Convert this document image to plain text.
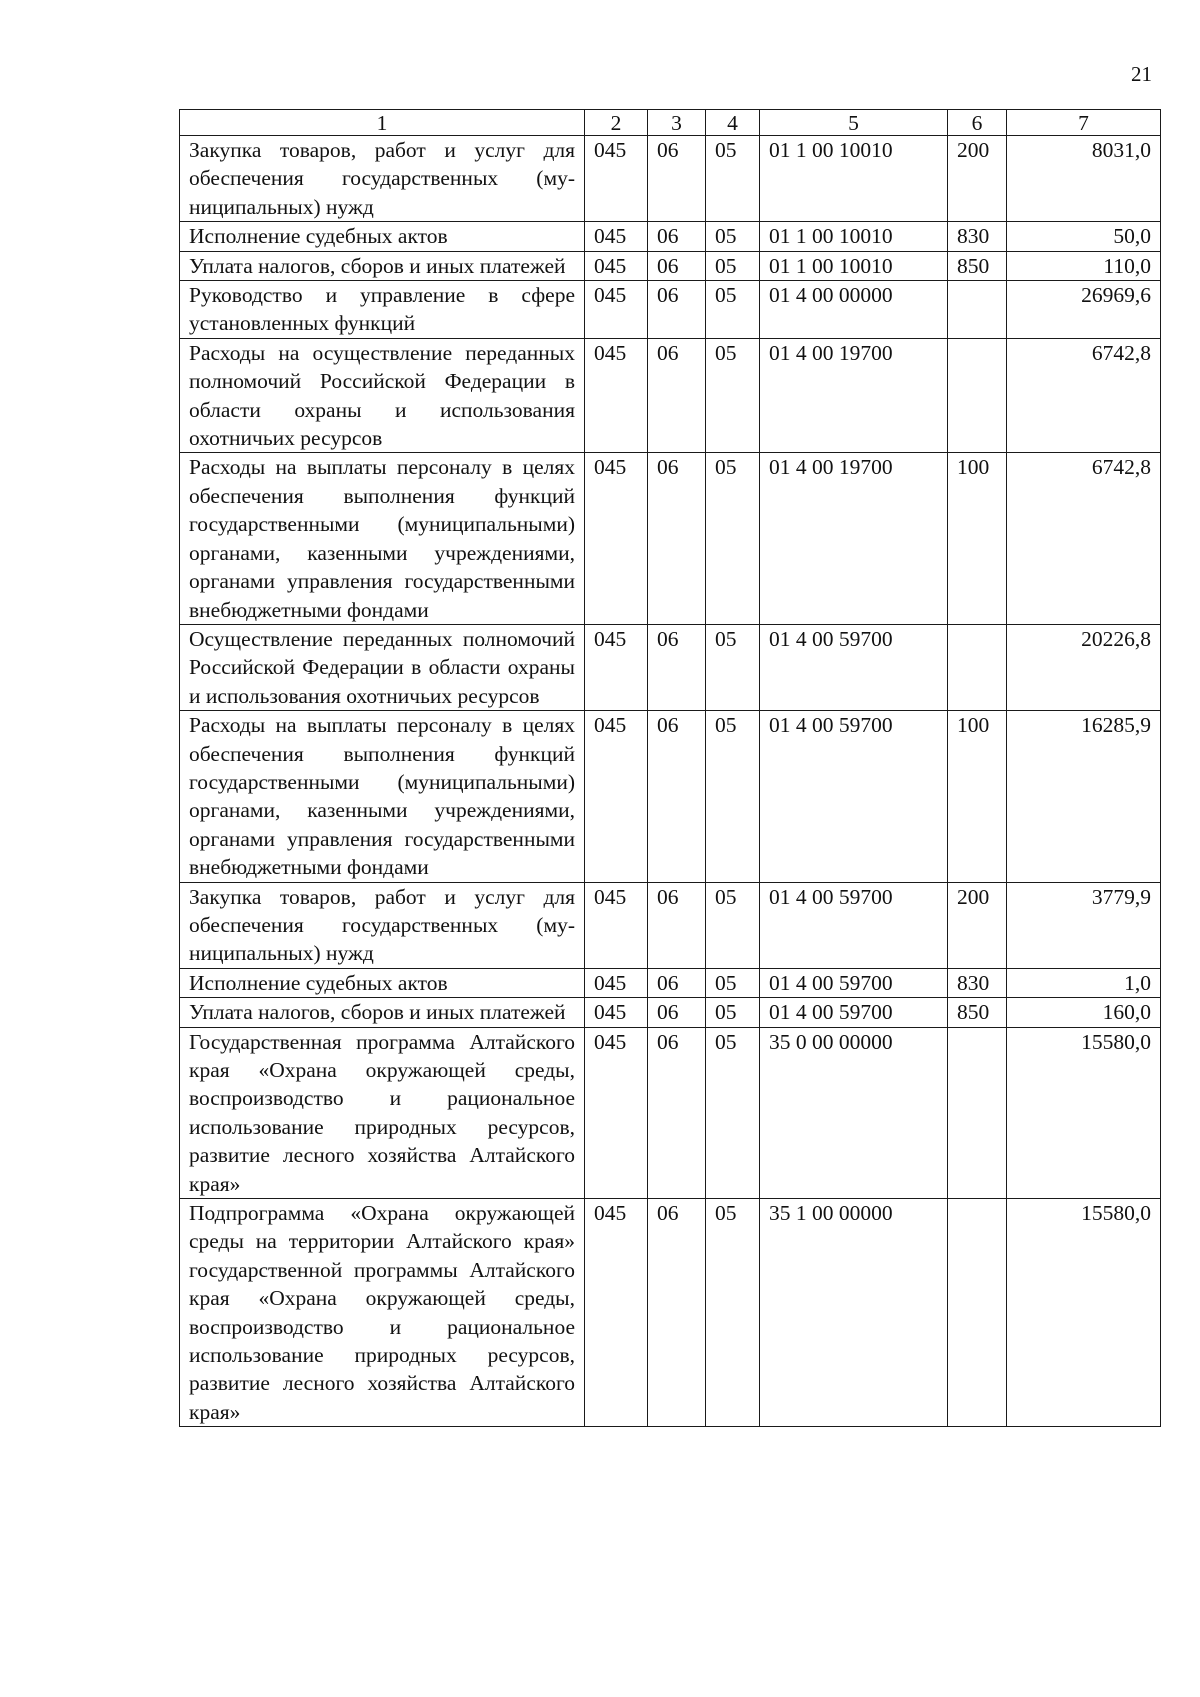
21
1	2	3	4	5	6	7
Закупка товаров, работ и услуг для обеспечения государственных (муниципальных) нужд	045	06	05	01 1 00 10010	200	8031,0
Исполнение судебных актов	045	06	05	01 1 00 10010	830	50,0
Уплата налогов, сборов и иных платежей	045	06	05	01 1 00 10010	850	110,0
Руководство и управление в сфере установленных функций	045	06	05	01 4 00 00000		26969,6
Расходы на осуществление переданных полномочий Российской Федерации в области охраны и использования охотничьих ресурсов	045	06	05	01 4 00 19700		6742,8
Расходы на выплаты персоналу в целях обеспечения выполнения функций государственными (муниципальными) органами, казенными учреждениями, органами управления государственными внебюджетными фондами	045	06	05	01 4 00 19700	100	6742,8
Осуществление переданных полномочий Российской Федерации в области охраны и использования охотничьих ресурсов	045	06	05	01 4 00 59700		20226,8
Расходы на выплаты персоналу в целях обеспечения выполнения функций государственными (муниципальными) органами, казенными учреждениями, органами управления государственными внебюджетными фондами	045	06	05	01 4 00 59700	100	16285,9
Закупка товаров, работ и услуг для обеспечения государственных (муниципальных) нужд	045	06	05	01 4 00 59700	200	3779,9
Исполнение судебных актов	045	06	05	01 4 00 59700	830	1,0
Уплата налогов, сборов и иных платежей	045	06	05	01 4 00 59700	850	160,0
Государственная программа Алтайского края «Охрана окружающей среды, воспроизводство и рациональное использование природных ресурсов, развитие лесного хозяйства Алтайского края»	045	06	05	35 0 00 00000		15580,0
Подпрограмма «Охрана окружающей среды на территории Алтайского края» государственной программы Алтайского края «Охрана окружающей среды, воспроизводство и рациональное использование природных ресурсов, развитие лесного хозяйства Алтайского края»	045	06	05	35 1 00 00000		15580,0
